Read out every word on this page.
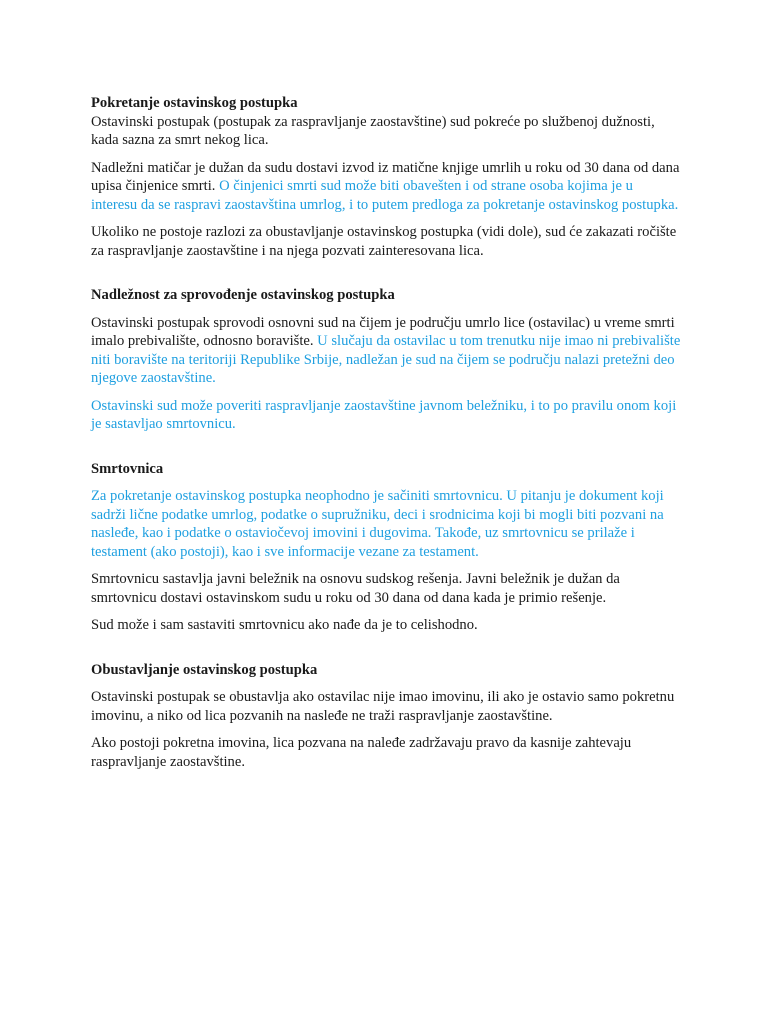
Pokretanje ostavinskog postupka

Ostavinski postupak (postupak za raspravljanje zaostavštine) sud pokreće po službenoj dužnosti, kada sazna za smrt nekog lica.

Nadležni matičar je dužan da sudu dostavi izvod iz matične knjige umrlih u roku od 30 dana od dana upisa činjenice smrti. O činjenici smrti sud može biti obavešten i od strane osoba kojima je u interesu da se raspravi zaostavština umrlog, i to putem predloga za pokretanje ostavinskog postupka.

Ukoliko ne postoje razlozi za obustavljanje ostavinskog postupka (vidi dole), sud će zakazati ročište za raspravljanje zaostavštine i na njega pozvati zainteresovana lica.

Nadležnost za sprovođenje ostavinskog postupka

Ostavinski postupak sprovodi osnovni sud na čijem je području umrlo lice (ostavilac) u vreme smrti imalo prebivalište, odnosno boravište. U slučaju da ostavilac u tom trenutku nije imao ni prebivalište niti boravište na teritoriji Republike Srbije, nadležan je sud na čijem se području nalazi pretežni deo njegove zaostavštine.

Ostavinski sud može poveriti raspravljanje zaostavštine javnom beležniku, i to po pravilu onom koji je sastavljao smrtovnicu.

Smrtovnica

Za pokretanje ostavinskog postupka neophodno je sačiniti smrtovnicu. U pitanju je dokument koji sadrži lične podatke umrlog, podatke o supružniku, deci i srodnicima koji bi mogli biti pozvani na nasleđe, kao i podatke o ostaviočevoj imovini i dugovima. Takođe, uz smrtovnicu se prilaže i testament (ako postoji), kao i sve informacije vezane za testament.

Smrtovnicu sastavlja javni beležnik na osnovu sudskog rešenja. Javni beležnik je dužan da smrtovnicu dostavi ostavinskom sudu u roku od 30 dana od dana kada je primio rešenje.

Sud može i sam sastaviti smrtovnicu ako nađe da je to celishodno.

Obustavljanje ostavinskog postupka

Ostavinski postupak se obustavlja ako ostavilac nije imao imovinu, ili ako je ostavio samo pokretnu imovinu, a niko od lica pozvanih na nasleđe ne traži raspravljanje zaostavštine.

Ako postoji pokretna imovina, lica pozvana na naleđe zadržavaju pravo da kasnije zahtevaju raspravljanje zaostavštine.
